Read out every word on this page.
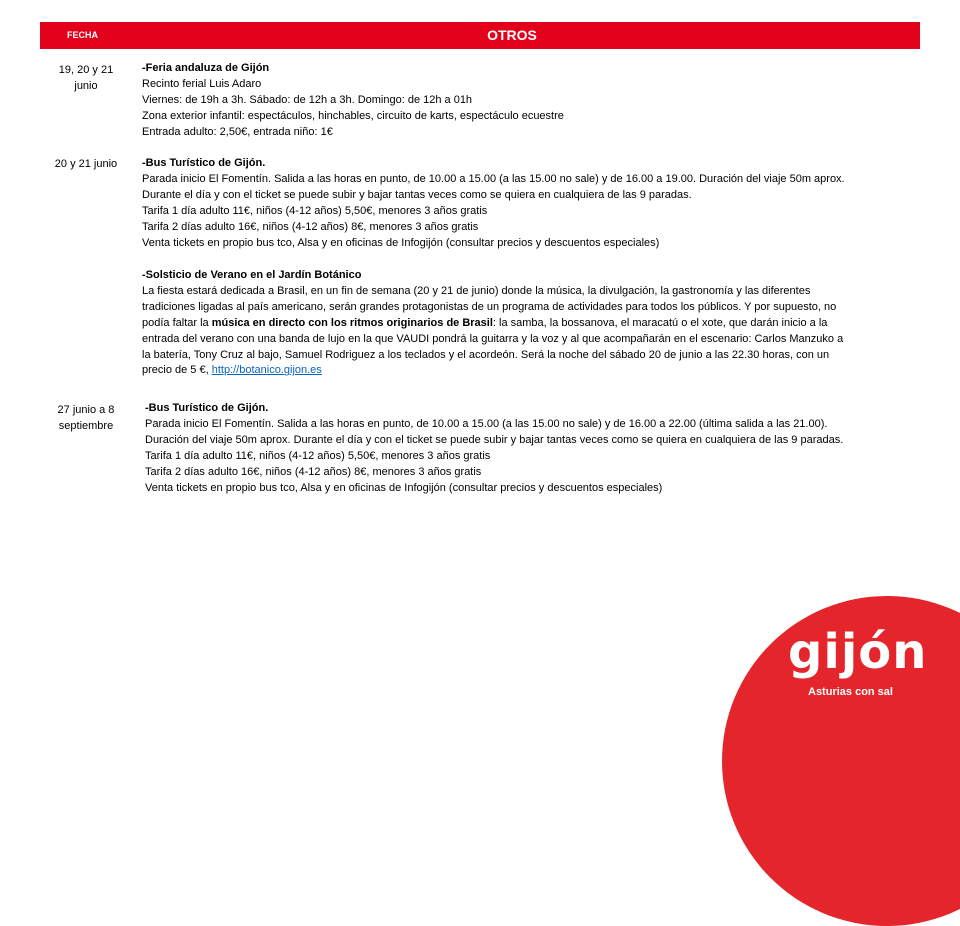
FECHA	OTROS
19, 20 y 21
junio
-Feria andaluza de Gijón
Recinto ferial Luis Adaro
Viernes: de 19h a 3h. Sábado: de 12h a 3h. Domingo: de 12h a 01h
Zona exterior infantil: espectáculos, hinchables, circuito de karts, espectáculo ecuestre
Entrada adulto: 2,50€, entrada niño: 1€
20 y 21 junio	-Bus Turístico de Gijón.
Parada inicio El Fomentín. Salida a las horas en punto, de 10.00 a 15.00 (a las 15.00 no sale) y de 16.00 a 19.00. Duración del viaje 50m aprox.
Durante el día y con el ticket se puede subir y bajar tantas veces como se quiera en cualquiera de las 9 paradas.
Tarifa 1 día adulto 11€, niños (4-12 años) 5,50€, menores 3 años gratis
Tarifa 2 días adulto 16€, niños (4-12 años) 8€, menores 3 años gratis
Venta tickets en propio bus tco, Alsa y en oficinas de Infogijón (consultar precios y descuentos especiales)
-Solsticio de Verano en el Jardín Botánico
La fiesta estará dedicada a Brasil, en un fin de semana (20 y 21 de junio) donde la música, la divulgación, la gastronomía y las diferentes
tradiciones ligadas al país americano, serán grandes protagonistas de un programa de actividades para todos los públicos. Y por supuesto, no
podía faltar la música en directo con los ritmos originarios de Brasil: la samba, la bossanova, el maracatú o el xote, que darán inicio a la
entrada del verano con una banda de lujo en la que VAUDI pondrá la guitarra y la voz y al que acompañarán en el escenario: Carlos Manzuko a
la batería, Tony Cruz al bajo, Samuel Rodriguez a los teclados y el acordeón. Será la noche del sábado 20 de junio a las 22.30 horas, con un
precio de 5 €, http://botanico.gijon.es
27 junio a 8
septiembre
-Bus Turístico de Gijón.
Parada inicio El Fomentín. Salida a las horas en punto, de 10.00 a 15.00 (a las 15.00 no sale) y de 16.00 a 22.00 (última salida a las 21.00).
Duración del viaje 50m aprox. Durante el día y con el ticket se puede subir y bajar tantas veces como se quiera en cualquiera de las 9 paradas.
Tarifa 1 día adulto 11€, niños (4-12 años) 5,50€, menores 3 años gratis
Tarifa 2 días adulto 16€, niños (4-12 años) 8€, menores 3 años gratis
Venta tickets en propio bus tco, Alsa y en oficinas de Infogijón (consultar precios y descuentos especiales)
gijón
Asturias con sal
